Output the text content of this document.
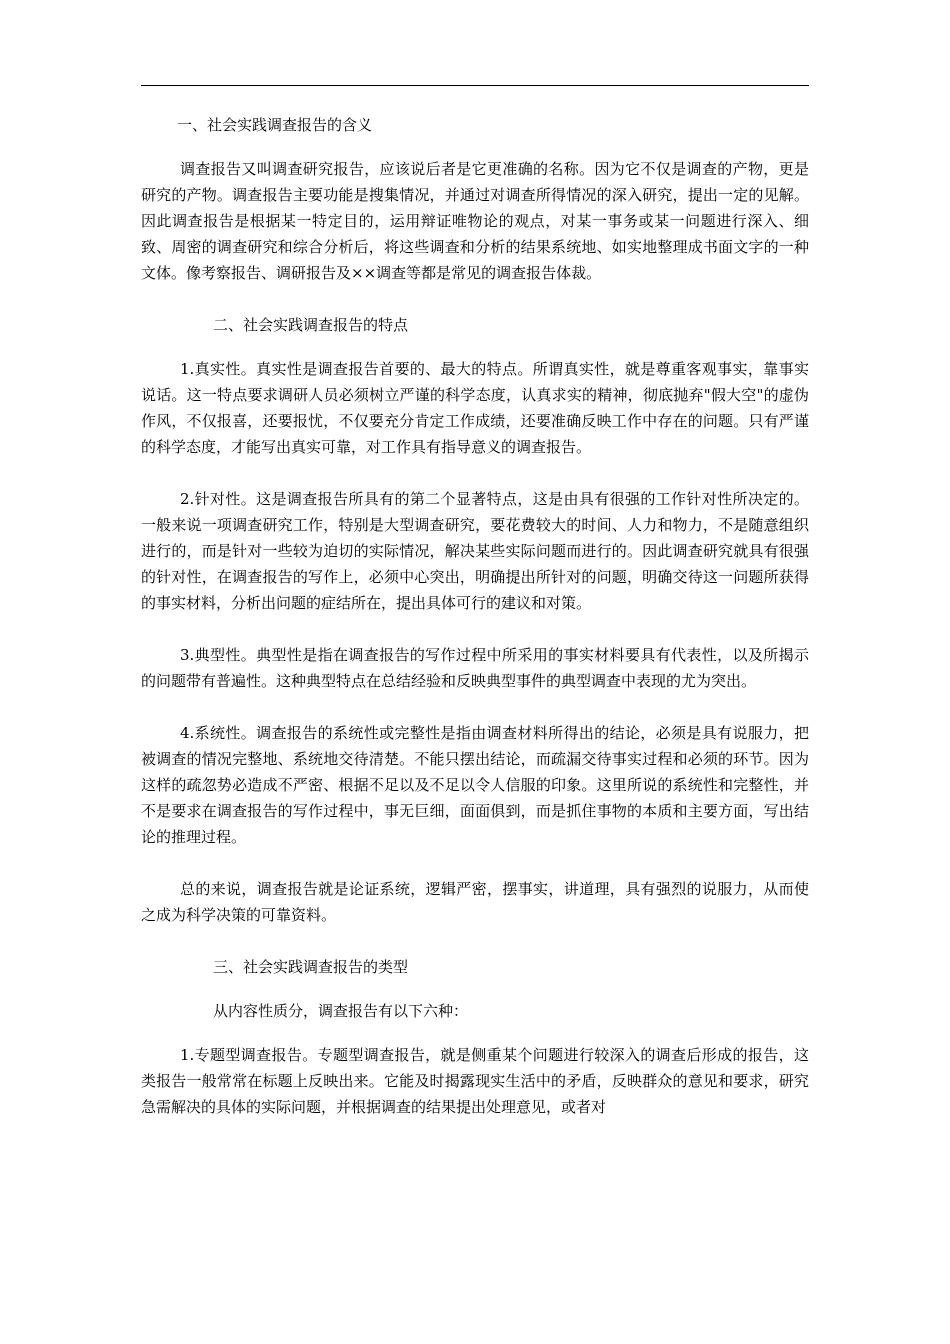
一、社会实践调查报告的含义

调查报告又叫调查研究报告，应该说后者是它更准确的名称。因为它不仅是调查的产物，更是研究的产物。调查报告主要功能是搜集情况，并通过对调查所得情况的深入研究，提出一定的见解。因此调查报告是根据某一特定目的，运用辩证唯物论的观点，对某一事务或某一问题进行深入、细致、周密的调查研究和综合分析后，将这些调查和分析的结果系统地、如实地整理成书面文字的一种文体。像考察报告、调研报告及××调查等都是常见的调查报告体裁。

二、社会实践调查报告的特点

1.真实性。真实性是调查报告首要的、最大的特点。所谓真实性，就是尊重客观事实，靠事实说话。这一特点要求调研人员必须树立严谨的科学态度，认真求实的精神，彻底抛弃"假大空"的虚伪作风，不仅报喜，还要报忧，不仅要充分肯定工作成绩，还要准确反映工作中存在的问题。只有严谨的科学态度，才能写出真实可靠，对工作具有指导意义的调查报告。

2.针对性。这是调查报告所具有的第二个显著特点，这是由具有很强的工作针对性所决定的。一般来说一项调查研究工作，特别是大型调查研究，要花费较大的时间、人力和物力，不是随意组织进行的，而是针对一些较为迫切的实际情况，解决某些实际问题而进行的。因此调查研究就具有很强的针对性，在调查报告的写作上，必须中心突出，明确提出所针对的问题，明确交待这一问题所获得的事实材料，分析出问题的症结所在，提出具体可行的建议和对策。

3.典型性。典型性是指在调查报告的写作过程中所采用的事实材料要具有代表性，以及所揭示的问题带有普遍性。这种典型特点在总结经验和反映典型事件的典型调查中表现的尤为突出。

4.系统性。调查报告的系统性或完整性是指由调查材料所得出的结论，必须是具有说服力，把被调查的情况完整地、系统地交待清楚。不能只摆出结论，而疏漏交待事实过程和必须的环节。因为这样的疏忽势必造成不严密、根据不足以及不足以令人信服的印象。这里所说的系统性和完整性，并不是要求在调查报告的写作过程中，事无巨细，面面俱到，而是抓住事物的本质和主要方面，写出结论的推理过程。

总的来说，调查报告就是论证系统，逻辑严密，摆事实，讲道理，具有强烈的说服力，从而使之成为科学决策的可靠资料。

三、社会实践调查报告的类型

从内容性质分，调查报告有以下六种：

1.专题型调查报告。专题型调查报告，就是侧重某个问题进行较深入的调查后形成的报告，这类报告一般常常在标题上反映出来。它能及时揭露现实生活中的矛盾，反映群众的意见和要求，研究急需解决的具体的实际问题，并根据调查的结果提出处理意见，或者对
